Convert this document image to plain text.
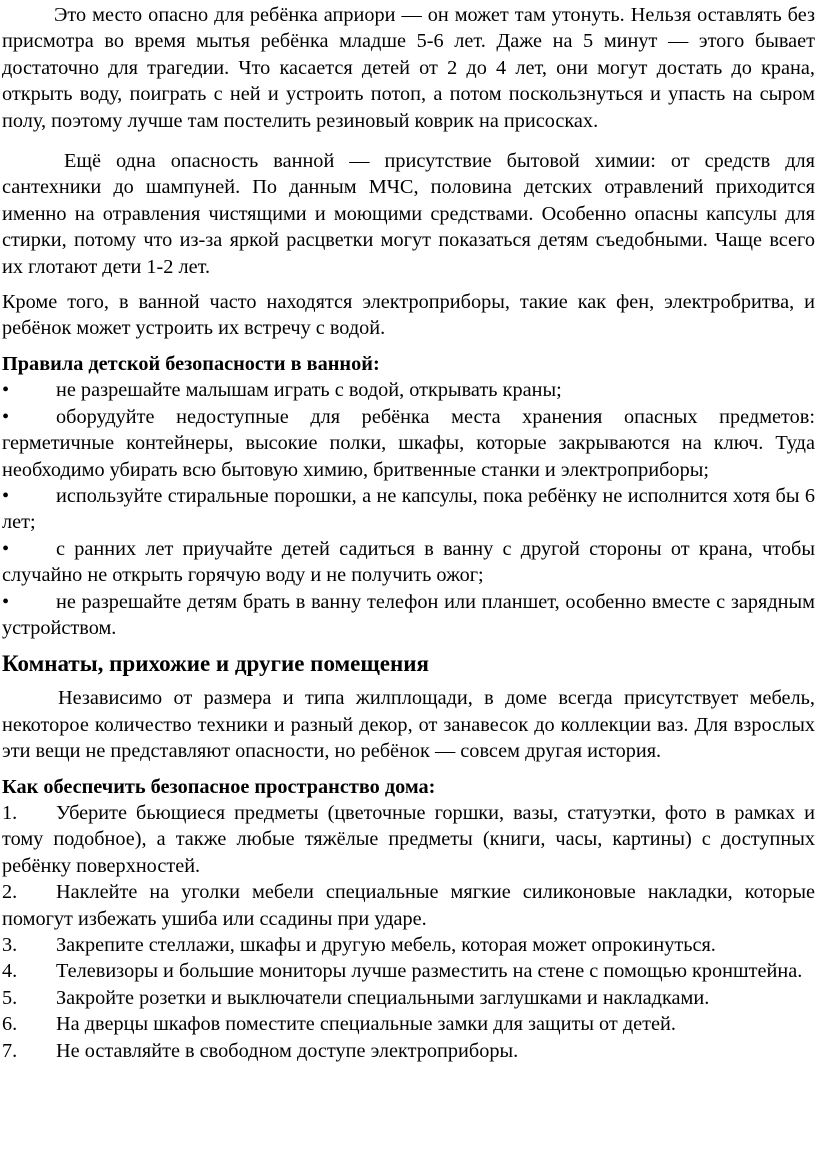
Это место опасно для ребёнка априори — он может там утонуть. Нельзя оставлять без присмотра во время мытья ребёнка младше 5-6 лет. Даже на 5 минут — этого бывает достаточно для трагедии. Что касается детей от 2 до 4 лет, они могут достать до крана, открыть воду, поиграть с ней и устроить потоп, а потом поскользнуться и упасть на сыром полу, поэтому лучше там постелить резиновый коврик на присосках.

Ещё одна опасность ванной — присутствие бытовой химии: от средств для сантехники до шампуней. По данным МЧС, половина детских отравлений приходится именно на отравления чистящими и моющими средствами. Особенно опасны капсулы для стирки, потому что из-за яркой расцветки могут показаться детям съедобными. Чаще всего их глотают дети 1-2 лет.

Кроме того, в ванной часто находятся электроприборы, такие как фен, электробритва, и ребёнок может устроить их встречу с водой.

Правила детской безопасности в ванной:

• не разрешайте малышам играть с водой, открывать краны;

• оборудуйте недоступные для ребёнка места хранения опасных предметов: герметичные контейнеры, высокие полки, шкафы, которые закрываются на ключ. Туда необходимо убирать всю бытовую химию, бритвенные станки и электроприборы;

• используйте стиральные порошки, а не капсулы, пока ребёнку не исполнится хотя бы 6 лет;

• с ранних лет приучайте детей садиться в ванну с другой стороны от крана, чтобы случайно не открыть горячую воду и не получить ожог;

• не разрешайте детям брать в ванну телефон или планшет, особенно вместе с зарядным устройством.

Комнаты, прихожие и другие помещения

Независимо от размера и типа жилплощади, в доме всегда присутствует мебель, некоторое количество техники и разный декор, от занавесок до коллекции ваз. Для взрослых эти вещи не представляют опасности, но ребёнок — совсем другая история.

Как обеспечить безопасное пространство дома:

1. Уберите бьющиеся предметы (цветочные горшки, вазы, статуэтки, фото в рамках и тому подобное), а также любые тяжёлые предметы (книги, часы, картины) с доступных ребёнку поверхностей.

2. Наклейте на уголки мебели специальные мягкие силиконовые накладки, которые помогут избежать ушиба или ссадины при ударе.

3. Закрепите стеллажи, шкафы и другую мебель, которая может опрокинуться.

4. Телевизоры и большие мониторы лучше разместить на стене с помощью кронштейна.

5. Закройте розетки и выключатели специальными заглушками и накладками.

6. На дверцы шкафов поместите специальные замки для защиты от детей.

7. Не оставляйте в свободном доступе электроприборы.
